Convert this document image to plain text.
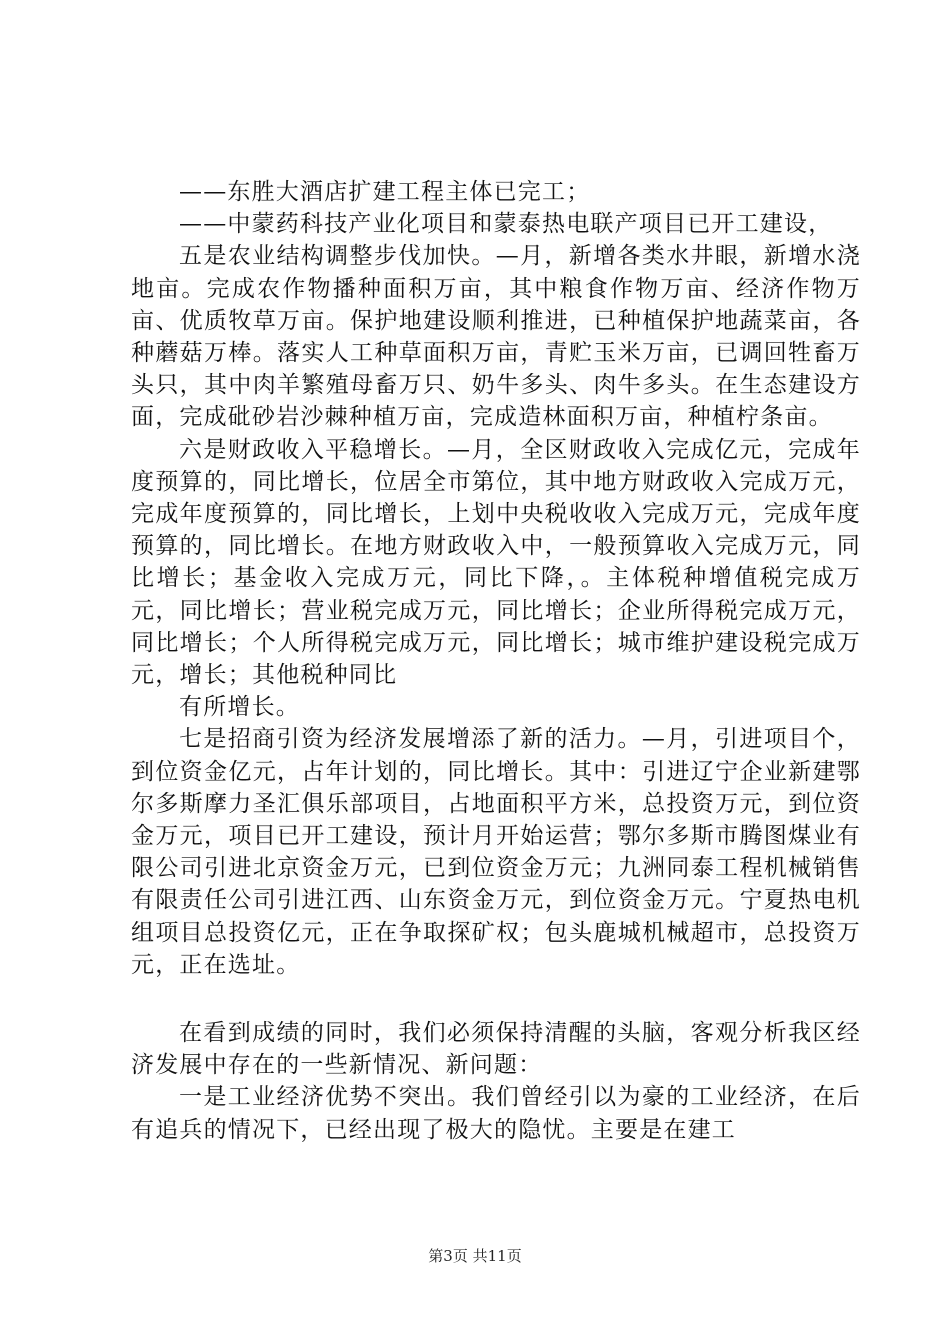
——东胜大酒店扩建工程主体已完工；

——中蒙药科技产业化项目和蒙泰热电联产项目已开工建设，

五是农业结构调整步伐加快。—月，新增各类水井眼，新增水浇地亩。完成农作物播种面积万亩，其中粮食作物万亩、经济作物万亩、优质牧草万亩。保护地建设顺利推进，已种植保护地蔬菜亩，各种蘑菇万棒。落实人工种草面积万亩，青贮玉米万亩，已调回牲畜万头只，其中肉羊繁殖母畜万只、奶牛多头、肉牛多头。在生态建设方面，完成砒砂岩沙棘种植万亩，完成造林面积万亩，种植柠条亩。

六是财政收入平稳增长。—月，全区财政收入完成亿元，完成年度预算的，同比增长，位居全市第位，其中地方财政收入完成万元，完成年度预算的，同比增长，上划中央税收收入完成万元，完成年度预算的，同比增长。在地方财政收入中，一般预算收入完成万元，同比增长；基金收入完成万元，同比下降，。主体税种增值税完成万元，同比增长；营业税完成万元，同比增长；企业所得税完成万元，同比增长；个人所得税完成万元，同比增长；城市维护建设税完成万元，增长；其他税种同比

有所增长。

七是招商引资为经济发展增添了新的活力。—月，引进项目个，到位资金亿元，占年计划的，同比增长。其中：引进辽宁企业新建鄂尔多斯摩力圣汇俱乐部项目，占地面积平方米，总投资万元，到位资金万元，项目已开工建设，预计月开始运营；鄂尔多斯市腾图煤业有限公司引进北京资金万元，已到位资金万元；九洲同泰工程机械销售有限责任公司引进江西、山东资金万元，到位资金万元。宁夏热电机组项目总投资亿元，正在争取探矿权；包头鹿城机械超市，总投资万元，正在选址。

在看到成绩的同时，我们必须保持清醒的头脑，客观分析我区经济发展中存在的一些新情况、新问题：

一是工业经济优势不突出。我们曾经引以为豪的工业经济，在后有追兵的情况下，已经出现了极大的隐忧。主要是在建工

第3页 共11页
